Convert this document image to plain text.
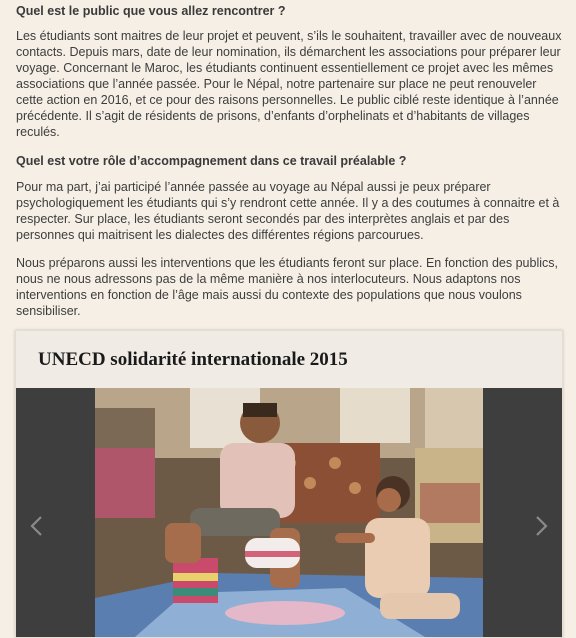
Quel est le public que vous allez rencontrer ?

Les étudiants sont maitres de leur projet et peuvent, s’ils le souhaitent, travailler avec de nouveaux contacts. Depuis mars, date de leur nomination, ils démarchent les associations pour préparer leur voyage. Concernant le Maroc, les étudiants continuent essentiellement ce projet avec les mêmes associations que l’année passée. Pour le Népal, notre partenaire sur place ne peut renouveler cette action en 2016, et ce pour des raisons personnelles. Le public ciblé reste identique à l’année précédente. Il s’agit de résidents de prisons, d’enfants d’orphelinats et d’habitants de villages reculés.

Quel est votre rôle d’accompagnement dans ce travail préalable ?

Pour ma part, j’ai participé l’année passée au voyage au Népal aussi je peux préparer psychologiquement les étudiants qui s’y rendront cette année. Il y a des coutumes à connaitre et à respecter. Sur place, les étudiants seront secondés par des interprètes anglais et par des personnes qui maitrisent les dialectes des différentes régions parcourues.

Nous préparons aussi les interventions que les étudiants feront sur place. En fonction des publics, nous ne nous adressons pas de la même manière à nos interlocuteurs. Nous adaptons nos interventions en fonction de l’âge mais aussi du contexte des populations que nous voulons sensibiliser.

UNECD solidarité internationale 2015
